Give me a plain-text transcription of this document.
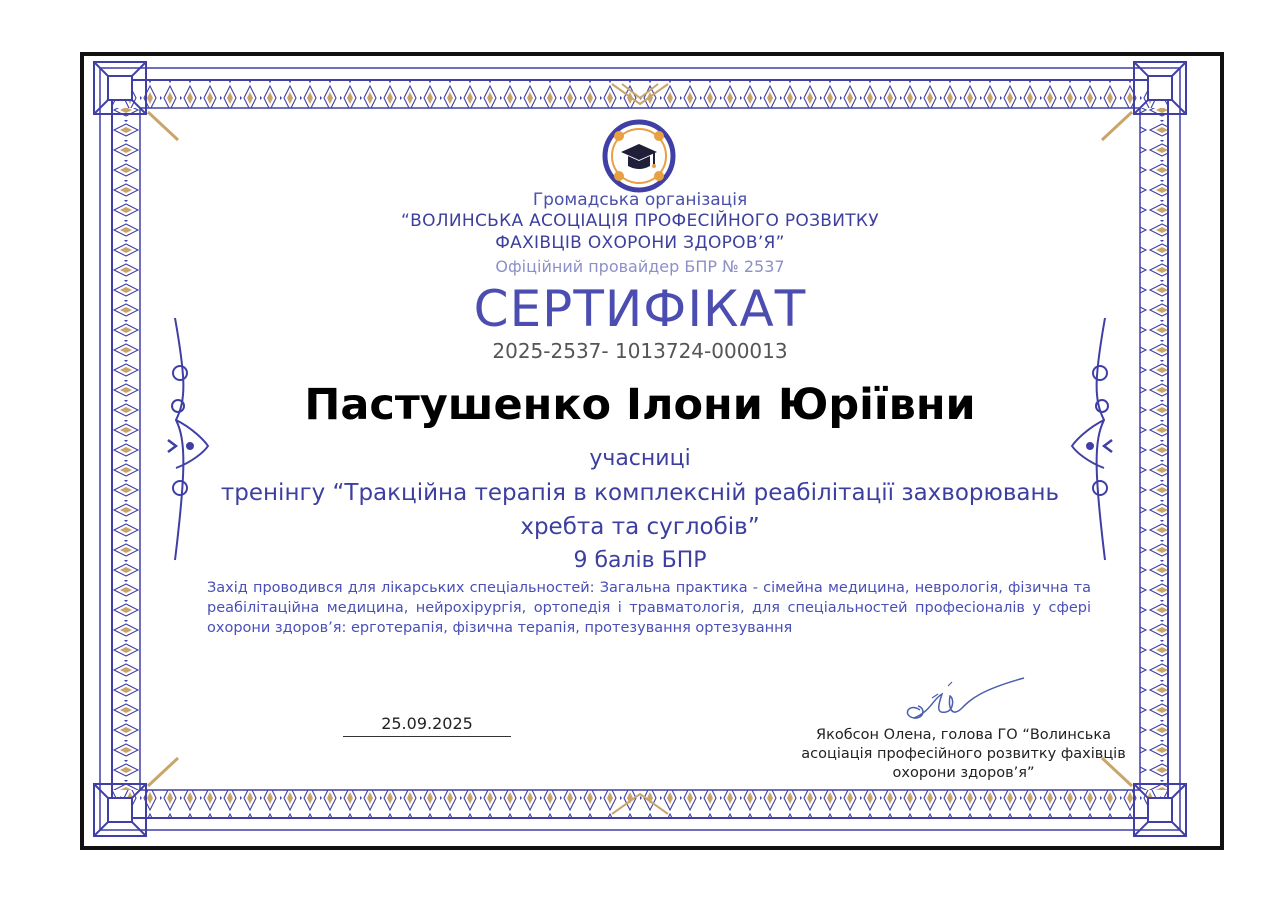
Громадська організація
“ВОЛИНСЬКА АСОЦІАЦІЯ ПРОФЕСІЙНОГО РОЗВИТКУ
ФАХІВЦІВ ОХОРОНИ ЗДОРОВ’Я”
Офіційний провайдер БПР № 2537
СЕРТИФІКАТ
2025-2537- 1013724-000013
Пастушенко Ілони Юріївни
учасниці
тренінгу “Тракційна терапія в комплексній реабілітації захворювань
хребта та суглобів”
9 балів БПР
Захід проводився для лікарських спеціальностей: Загальна практика - сімейна медицина, неврологія, фізична та реабілітаційна медицина, нейрохірургія, ортопедія і травматологія, для спеціальностей професіоналів у сфері охорони здоров’я: ерготерапія, фізична терапія, протезування ортезування
25.09.2025
Якобсон Олена, голова ГО “Волинська
асоціація професійного розвитку фахівців
охорони здоров’я”
